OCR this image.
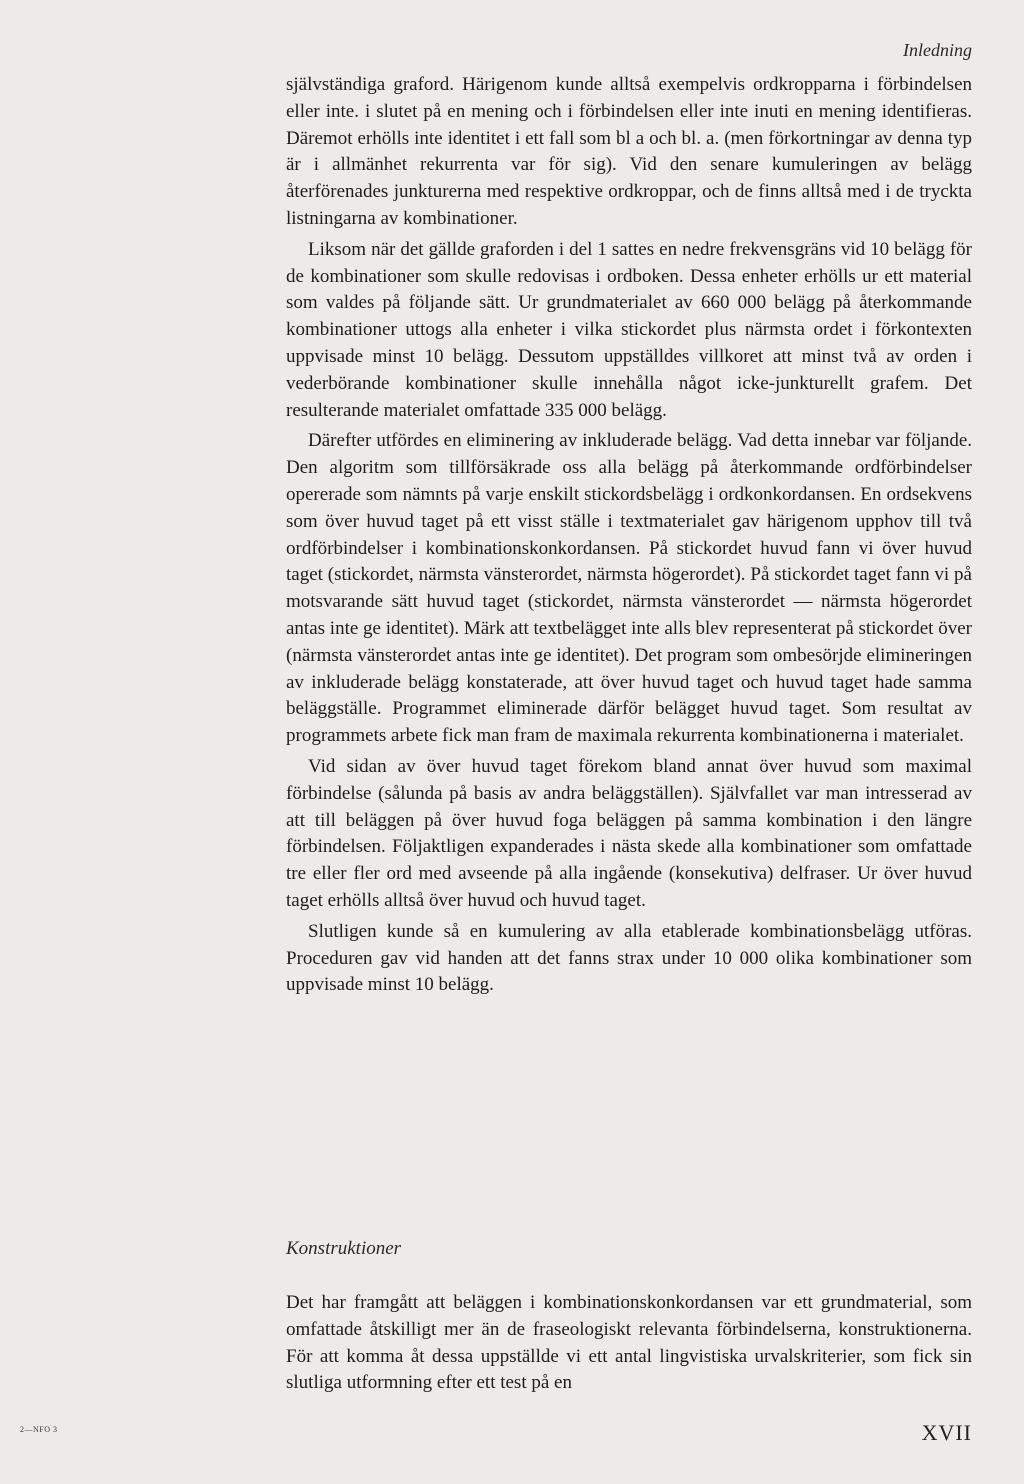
Inledning

självständiga graford. Härigenom kunde alltså exempelvis ordkropparna i förbindelsen eller inte. i slutet på en mening och i förbindelsen eller inte inuti en mening identifieras. Däremot erhölls inte identitet i ett fall som bl a och bl. a. (men förkortningar av denna typ är i allmänhet rekurrenta var för sig). Vid den senare kumuleringen av belägg återförenades junkturerna med respektive ordkroppar, och de finns alltså med i de tryckta listningarna av kombinationer.

Liksom när det gällde graforden i del 1 sattes en nedre frekvensgräns vid 10 belägg för de kombinationer som skulle redovisas i ordboken. Dessa enheter erhölls ur ett material som valdes på följande sätt. Ur grundmaterialet av 660 000 belägg på återkommande kombinationer uttogs alla enheter i vilka stickordet plus närmsta ordet i förkontexten uppvisade minst 10 belägg. Dessutom uppställdes villkoret att minst två av orden i vederbörande kombinationer skulle innehålla något icke-junkturellt grafem. Det resulterande materialet omfattade 335 000 belägg.

Därefter utfördes en eliminering av inkluderade belägg. Vad detta innebar var följande. Den algoritm som tillförsäkrade oss alla belägg på återkommande ordförbindelser opererade som nämnts på varje enskilt stickordsbelägg i ordkonkordansen. En ordsekvens som över huvud taget på ett visst ställe i textmaterialet gav härigenom upphov till två ordförbindelser i kombinationskonkordansen. På stickordet huvud fann vi över huvud taget (stickordet, närmsta vänsterordet, närmsta högerordet). På stickordet taget fann vi på motsvarande sätt huvud taget (stickordet, närmsta vänsterordet — närmsta högerordet antas inte ge identitet). Märk att textbelägget inte alls blev representerat på stickordet över (närmsta vänsterordet antas inte ge identitet). Det program som ombesörjde elimineringen av inkluderade belägg konstaterade, att över huvud taget och huvud taget hade samma beläggställe. Programmet eliminerade därför belägget huvud taget. Som resultat av programmets arbete fick man fram de maximala rekurrenta kombinationerna i materialet.

Vid sidan av över huvud taget förekom bland annat över huvud som maximal förbindelse (sålunda på basis av andra beläggställen). Självfallet var man intresserad av att till beläggen på över huvud foga beläggen på samma kombination i den längre förbindelsen. Följaktligen expanderades i nästa skede alla kombinationer som omfattade tre eller fler ord med avseende på alla ingående (konsekutiva) delfraser. Ur över huvud taget erhölls alltså över huvud och huvud taget.

Slutligen kunde så en kumulering av alla etablerade kombinationsbelägg utföras. Proceduren gav vid handen att det fanns strax under 10 000 olika kombinationer som uppvisade minst 10 belägg.

Konstruktioner

Det har framgått att beläggen i kombinationskonkordansen var ett grundmaterial, som omfattade åtskilligt mer än de fraseologiskt relevanta förbindelserna, konstruktionerna. För att komma åt dessa uppställde vi ett antal lingvistiska urvalskriterier, som fick sin slutliga utformning efter ett test på en

2—NFO 3	XVII
